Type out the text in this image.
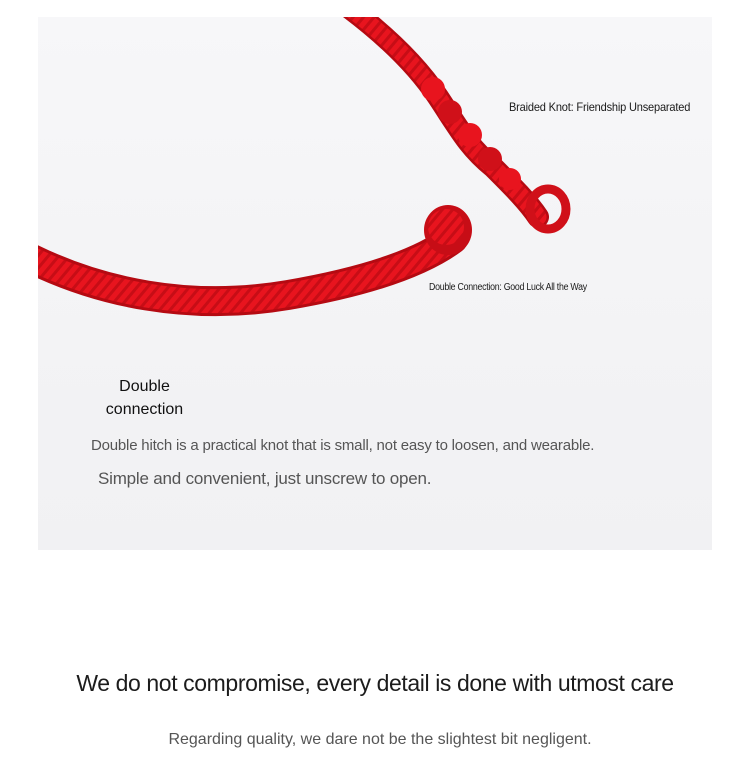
Braided Knot: Friendship Unseparated
Double Connection: Good Luck All the Way
Double
connection
Double hitch is a practical knot that is small, not easy to loosen, and wearable.
Simple and convenient, just unscrew to open.
We do not compromise, every detail is done with utmost care
Regarding quality, we dare not be the slightest bit negligent.
